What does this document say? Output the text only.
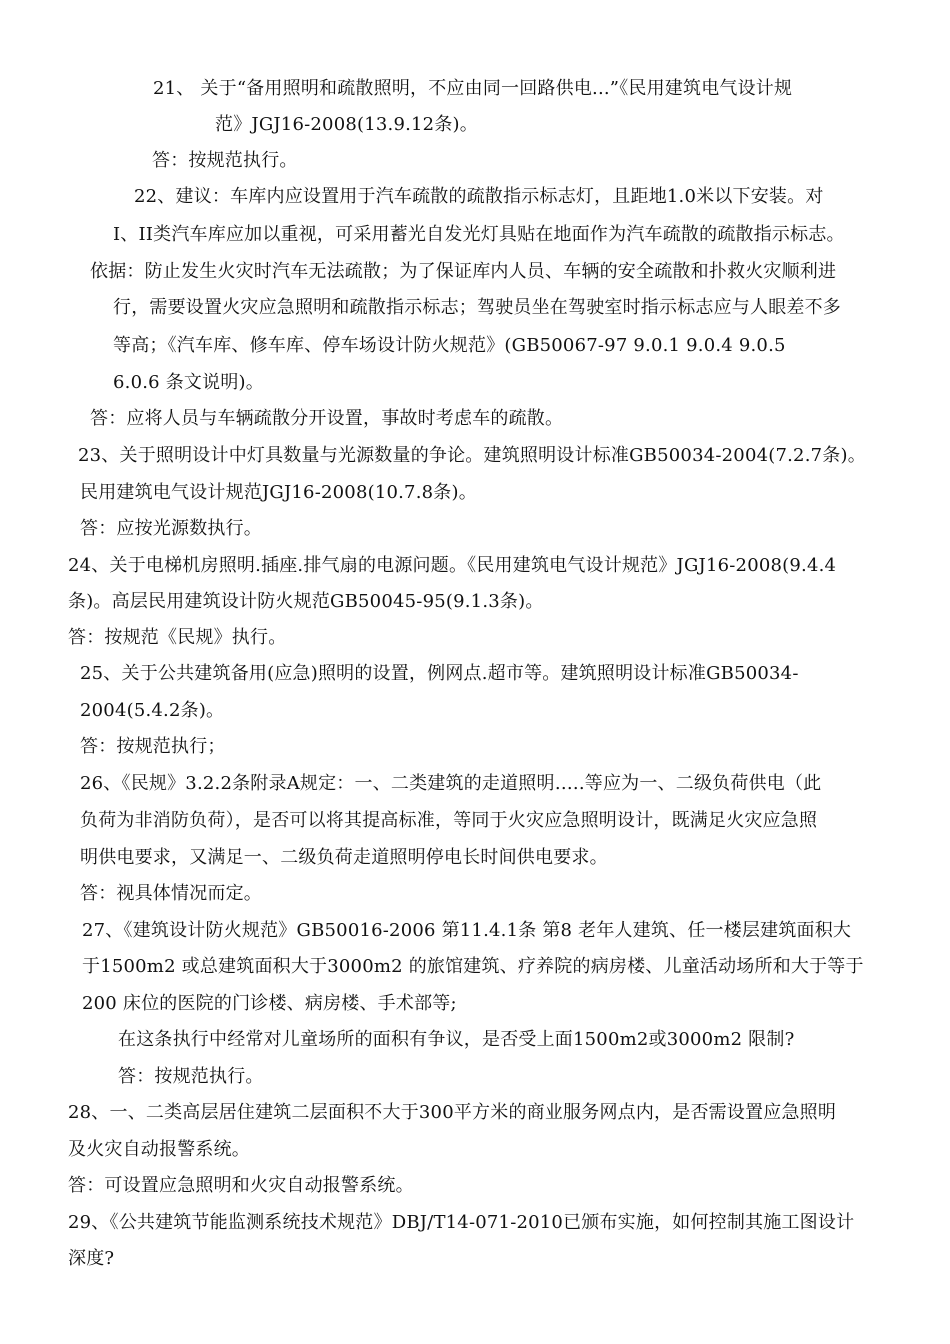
21、 关于“备用照明和疏散照明，不应由同一回路供电...”《民用建筑电气设计规
范》JGJ16-2008(13.9.12条)。
答：按规范执行。
22、建议：车库内应设置用于汽车疏散的疏散指示标志灯，且距地1.0米以下安装。对
I、II类汽车库应加以重视，可采用蓄光自发光灯具贴在地面作为汽车疏散的疏散指示标志。
依据：防止发生火灾时汽车无法疏散；为了保证库内人员、车辆的安全疏散和扑救火灾顺利进
行，需要设置火灾应急照明和疏散指示标志；驾驶员坐在驾驶室时指示标志应与人眼差不多
等高；《汽车库、修车库、停车场设计防火规范》(GB50067-97 9.0.1 9.0.4 9.0.5
6.0.6 条文说明)。
答：应将人员与车辆疏散分开设置，事故时考虑车的疏散。
23、关于照明设计中灯具数量与光源数量的争论。建筑照明设计标准GB50034-2004(7.2.7条)。
民用建筑电气设计规范JGJ16-2008(10.7.8条)。
答：应按光源数执行。
24、关于电梯机房照明.插座.排气扇的电源问题。《民用建筑电气设计规范》JGJ16-2008(9.4.4
条)。高层民用建筑设计防火规范GB50045-95(9.1.3条)。
答：按规范《民规》执行。
25、关于公共建筑备用(应急)照明的设置，例网点.超市等。建筑照明设计标准GB50034-
2004(5.4.2条)。
答：按规范执行；
26、《民规》3.2.2条附录A规定：一、二类建筑的走道照明…..等应为一、二级负荷供电（此
负荷为非消防负荷），是否可以将其提高标准，等同于火灾应急照明设计，既满足火灾应急照
明供电要求，又满足一、二级负荷走道照明停电长时间供电要求。
答：视具体情况而定。
27、《建筑设计防火规范》GB50016-2006 第11.4.1条 第8 老年人建筑、任一楼层建筑面积大
于1500m2 或总建筑面积大于3000m2 的旅馆建筑、疗养院的病房楼、儿童活动场所和大于等于
200 床位的医院的门诊楼、病房楼、手术部等;
在这条执行中经常对儿童场所的面积有争议，是否受上面1500m2或3000m2 限制?
答：按规范执行。
28、一、二类高层居住建筑二层面积不大于300平方米的商业服务网点内，是否需设置应急照明
及火灾自动报警系统。
答：可设置应急照明和火灾自动报警系统。
29、《公共建筑节能监测系统技术规范》DBJ/T14-071-2010已颁布实施，如何控制其施工图设计
深度?
